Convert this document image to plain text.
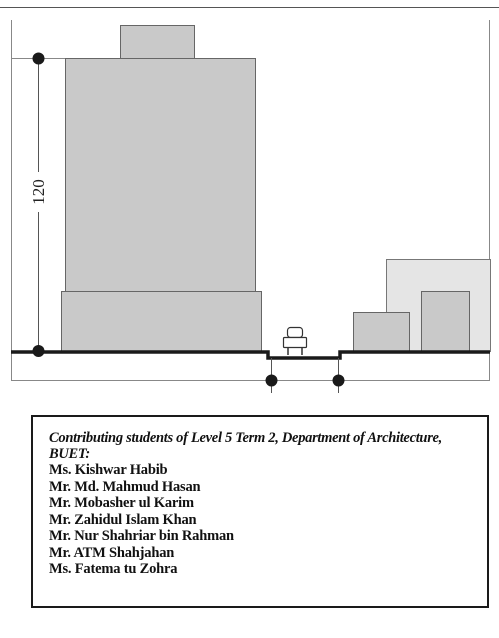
120

Contributing students of Level 5 Term 2, Department of Architecture, BUET:

Ms. Kishwar Habib
Mr. Md. Mahmud Hasan
Mr. Mobasher ul Karim
Mr. Zahidul Islam Khan
Mr. Nur Shahriar bin Rahman
Mr. ATM Shahjahan
Ms. Fatema tu Zohra
